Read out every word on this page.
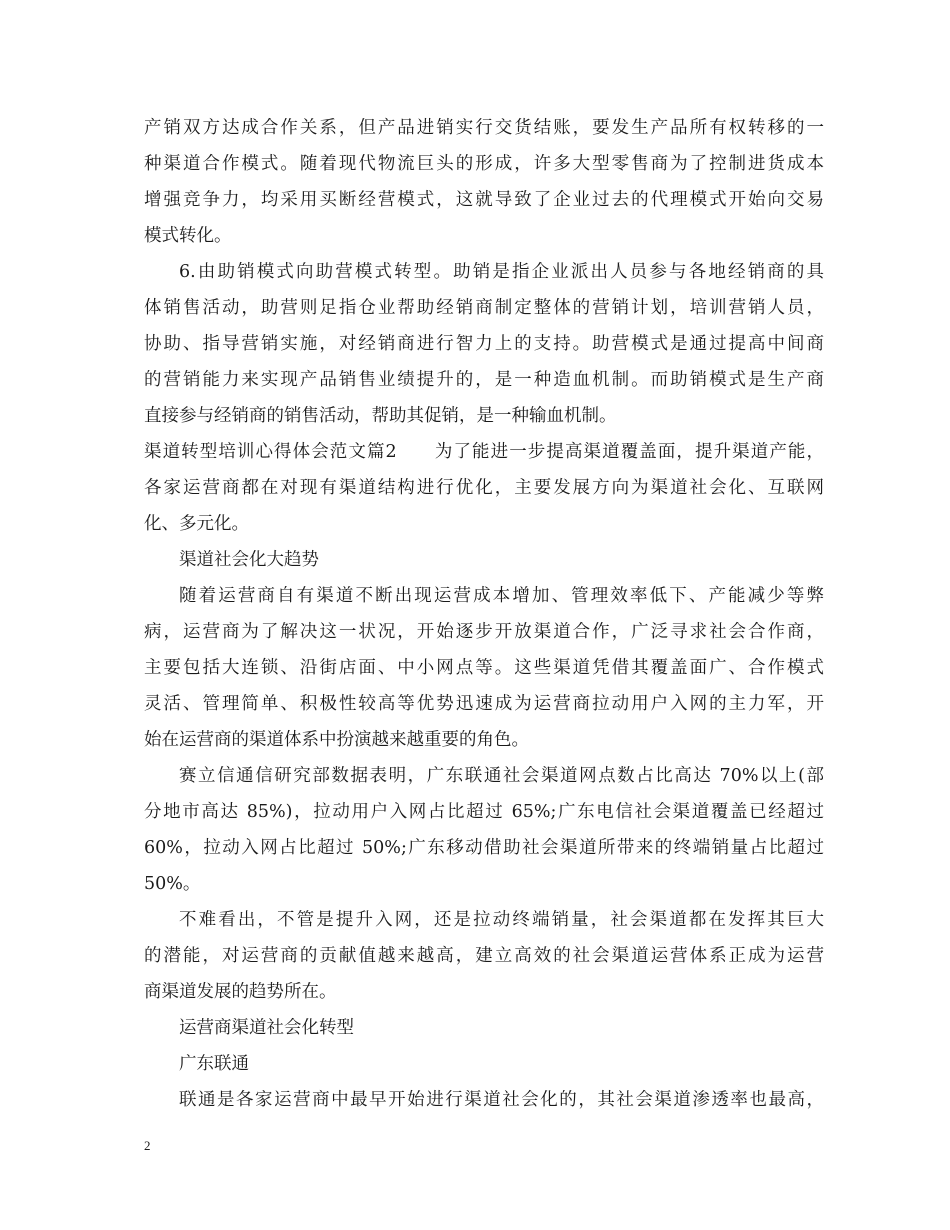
产销双方达成合作关系，但产品进销实行交货结账，要发生产品所有权转移的一
种渠道合作模式。随着现代物流巨头的形成，许多大型零售商为了控制进货成本
增强竞争力，均采用买断经营模式，这就导致了企业过去的代理模式开始向交易
模式转化。
6.由助销模式向助营模式转型。助销是指企业派出人员参与各地经销商的具
体销售活动，助营则足指仓业帮助经销商制定整体的营销计划，培训营销人员，
协助、指导营销实施，对经销商进行智力上的支持。助营模式是通过提高中间商
的营销能力来实现产品销售业绩提升的，是一种造血机制。而助销模式是生产商
直接参与经销商的销售活动，帮助其促销，是一种输血机制。
渠道转型培训心得体会范文篇2　　为了能进一步提高渠道覆盖面，提升渠道产能，
各家运营商都在对现有渠道结构进行优化，主要发展方向为渠道社会化、互联网
化、多元化。
渠道社会化大趋势
随着运营商自有渠道不断出现运营成本增加、管理效率低下、产能减少等弊
病，运营商为了解决这一状况，开始逐步开放渠道合作，广泛寻求社会合作商，
主要包括大连锁、沿街店面、中小网点等。这些渠道凭借其覆盖面广、合作模式
灵活、管理简单、积极性较高等优势迅速成为运营商拉动用户入网的主力军，开
始在运营商的渠道体系中扮演越来越重要的角色。
赛立信通信研究部数据表明，广东联通社会渠道网点数占比高达 70%以上(部
分地市高达 85%)，拉动用户入网占比超过 65%;广东电信社会渠道覆盖已经超过
60%，拉动入网占比超过 50%;广东移动借助社会渠道所带来的终端销量占比超过
50%。
不难看出，不管是提升入网，还是拉动终端销量，社会渠道都在发挥其巨大
的潜能，对运营商的贡献值越来越高，建立高效的社会渠道运营体系正成为运营
商渠道发展的趋势所在。
运营商渠道社会化转型
广东联通
联通是各家运营商中最早开始进行渠道社会化的，其社会渠道渗透率也最高，
2
